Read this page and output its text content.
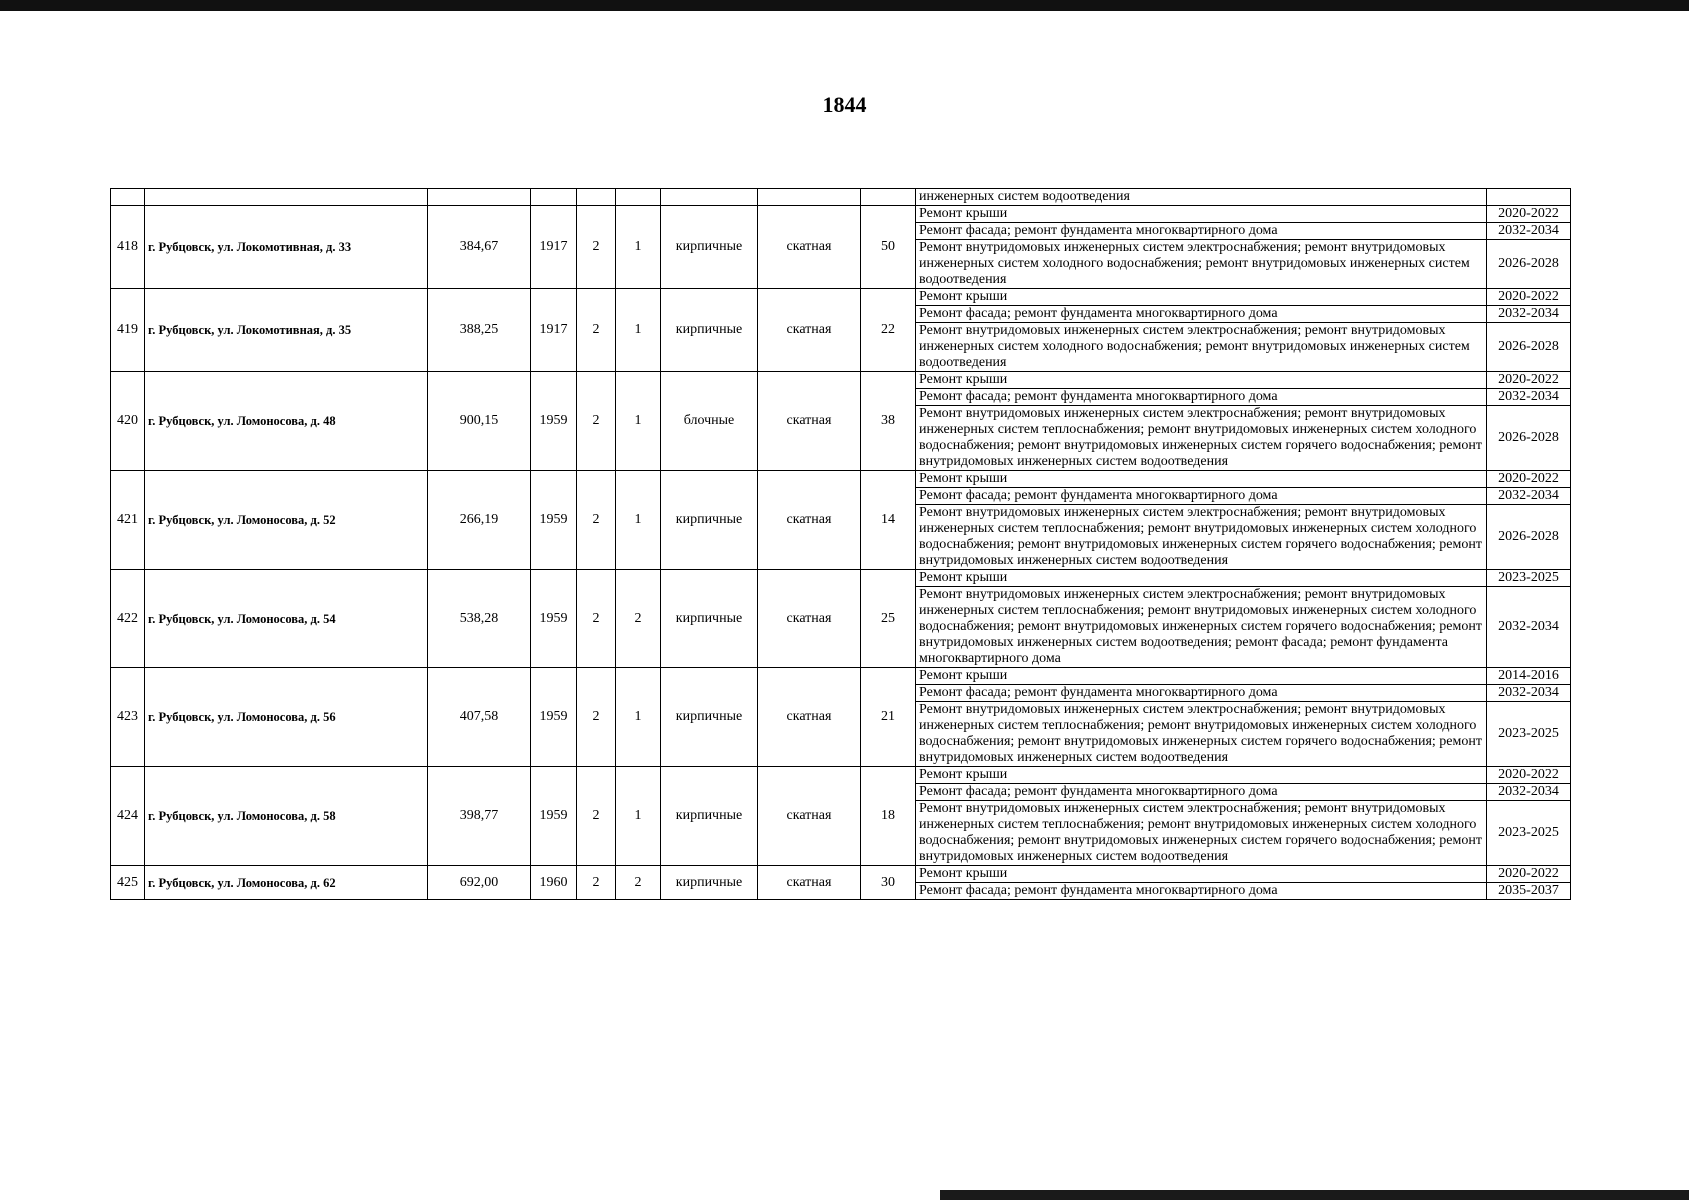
1844
									инженерных систем водоотведения	
418	г. Рубцовск, ул. Локомотивная, д. 33	384,67	1917	2	1	кирпичные	скатная	50	Ремонт крыши	2020-2022
									Ремонт фасада; ремонт фундамента многоквартирного дома	2032-2034
									Ремонт внутридомовых инженерных систем электроснабжения; ремонт внутридомовых инженерных систем холодного водоснабжения; ремонт внутридомовых инженерных систем водоотведения	2026-2028
419	г. Рубцовск, ул. Локомотивная, д. 35	388,25	1917	2	1	кирпичные	скатная	22	Ремонт крыши	2020-2022
									Ремонт фасада; ремонт фундамента многоквартирного дома	2032-2034
									Ремонт внутридомовых инженерных систем электроснабжения; ремонт внутридомовых инженерных систем холодного водоснабжения; ремонт внутридомовых инженерных систем водоотведения	2026-2028
420	г. Рубцовск, ул. Ломоносова, д. 48	900,15	1959	2	1	блочные	скатная	38	Ремонт крыши	2020-2022
									Ремонт фасада; ремонт фундамента многоквартирного дома	2032-2034
									Ремонт внутридомовых инженерных систем электроснабжения; ремонт внутридомовых инженерных систем теплоснабжения; ремонт внутридомовых инженерных систем холодного водоснабжения; ремонт внутридомовых инженерных систем горячего водоснабжения; ремонт внутридомовых инженерных систем водоотведения	2026-2028
421	г. Рубцовск, ул. Ломоносова, д. 52	266,19	1959	2	1	кирпичные	скатная	14	Ремонт крыши	2020-2022
									Ремонт фасада; ремонт фундамента многоквартирного дома	2032-2034
									Ремонт внутридомовых инженерных систем электроснабжения; ремонт внутридомовых инженерных систем теплоснабжения; ремонт внутридомовых инженерных систем холодного водоснабжения; ремонт внутридомовых инженерных систем горячего водоснабжения; ремонт внутридомовых инженерных систем водоотведения	2026-2028
422	г. Рубцовск, ул. Ломоносова, д. 54	538,28	1959	2	2	кирпичные	скатная	25	Ремонт крыши	2023-2025
									Ремонт внутридомовых инженерных систем электроснабжения; ремонт внутридомовых инженерных систем теплоснабжения; ремонт внутридомовых инженерных систем холодного водоснабжения; ремонт внутридомовых инженерных систем горячего водоснабжения; ремонт внутридомовых инженерных систем водоотведения; ремонт фасада; ремонт фундамента многоквартирного дома	2032-2034
423	г. Рубцовск, ул. Ломоносова, д. 56	407,58	1959	2	1	кирпичные	скатная	21	Ремонт крыши	2014-2016
									Ремонт фасада; ремонт фундамента многоквартирного дома	2032-2034
									Ремонт внутридомовых инженерных систем электроснабжения; ремонт внутридомовых инженерных систем теплоснабжения; ремонт внутридомовых инженерных систем холодного водоснабжения; ремонт внутридомовых инженерных систем горячего водоснабжения; ремонт внутридомовых инженерных систем водоотведения	2023-2025
424	г. Рубцовск, ул. Ломоносова, д. 58	398,77	1959	2	1	кирпичные	скатная	18	Ремонт крыши	2020-2022
									Ремонт фасада; ремонт фундамента многоквартирного дома	2032-2034
									Ремонт внутридомовых инженерных систем электроснабжения; ремонт внутридомовых инженерных систем теплоснабжения; ремонт внутридомовых инженерных систем холодного водоснабжения; ремонт внутридомовых инженерных систем горячего водоснабжения; ремонт внутридомовых инженерных систем водоотведения	2023-2025
425	г. Рубцовск, ул. Ломоносова, д. 62	692,00	1960	2	2	кирпичные	скатная	30	Ремонт крыши	2020-2022
									Ремонт фасада; ремонт фундамента многоквартирного дома	2035-2037
